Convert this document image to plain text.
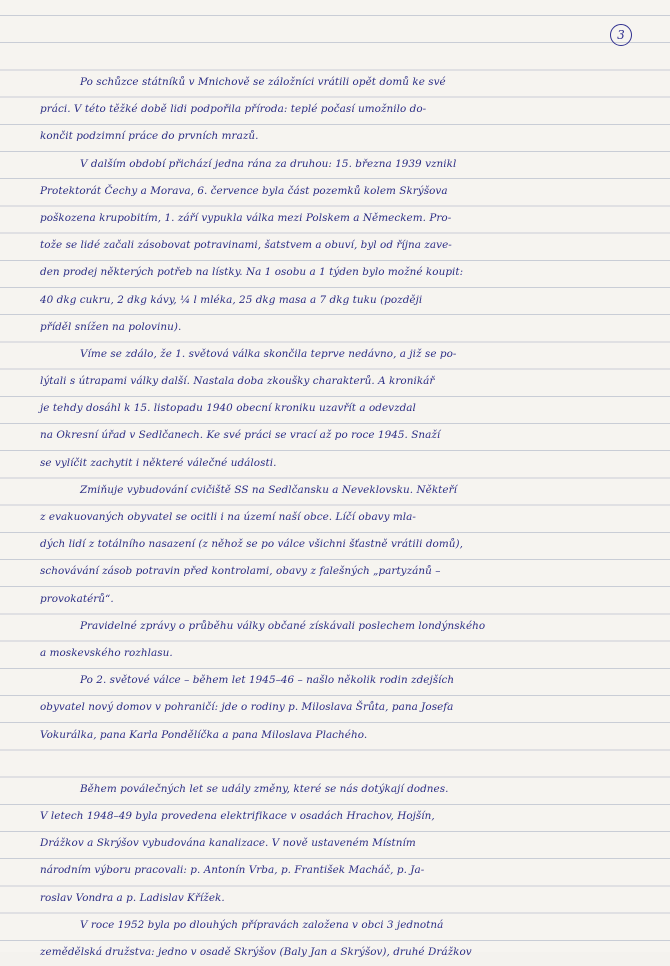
3
Po schůzce státníků v Mnichově se záložníci vrátili opět domů ke své
práci. V této těžké době lidi podpořila příroda: teplé počasí umožnilo do-
končit podzimní práce do prvních mrazů.
V dalším období přichází jedna rána za druhou: 15. března 1939 vznikl
Protektorát Čechy a Morava, 6. července byla část pozemků kolem Skrýšova
poškozena krupobitím, 1. září vypukla válka mezi Polskem a Německem. Pro-
tože se lidé začali zásobovat potravinami, šatstvem a obuví, byl od října zave-
den prodej některých potřeb na lístky. Na 1 osobu a 1 týden bylo možné koupit:
40 dkg cukru, 2 dkg kávy, ¼ l mléka, 25 dkg masa a 7 dkg tuku (později
příděl snížen na polovinu).
Víme se zdálo, že 1. světová válka skončila teprve nedávno, a již se po-
lýtali s útrapami války další. Nastala doba zkoušky charakterů. A kronikář
je tehdy dosáhl k 15. listopadu 1940 obecní kroniku uzavřít a odevzdal
na Okresní úřad v Sedlčanech. Ke své práci se vrací až po roce 1945. Snaží
se vylíčit zachytit i některé válečné události.
Zmiňuje vybudování cvičiště SS na Sedlčansku a Neveklovsku. Někteří
z evakuovaných obyvatel se ocitli i na území naší obce. Líčí obavy mla-
dých lidí z totálního nasazení (z něhož se po válce všichni šťastně vrátili domů),
schovávání zásob potravin před kontrolami, obavy z falešných „partyzánů –
provokatérů“.
Pravidelné zprávy o průběhu války občané získávali poslechem londýnského
a moskevského rozhlasu.
Po 2. světové válce – během let 1945–46 – našlo několik rodin zdejších
obyvatel nový domov v pohraničí: jde o rodiny p. Miloslava Šrůta, pana Josefa
Vokurálka, pana Karla Pondělíčka a pana Miloslava Plachého.
Během poválečných let se udály změny, které se nás dotýkají dodnes.
V letech 1948–49 byla provedena elektrifikace v osadách Hrachov, Hojšín,
Drážkov a Skrýšov vybudována kanalizace. V nově ustaveném Místním
národním výboru pracovali: p. Antonín Vrba, p. František Macháč, p. Ja-
roslav Vondra a p. Ladislav Křížek.
V roce 1952 byla po dlouhých přípravách založena v obci 3 jednotná
zemědělská družstva: jedno v osadě Skrýšov (Baly Jan a Skrýšov), druhé Drážkov
